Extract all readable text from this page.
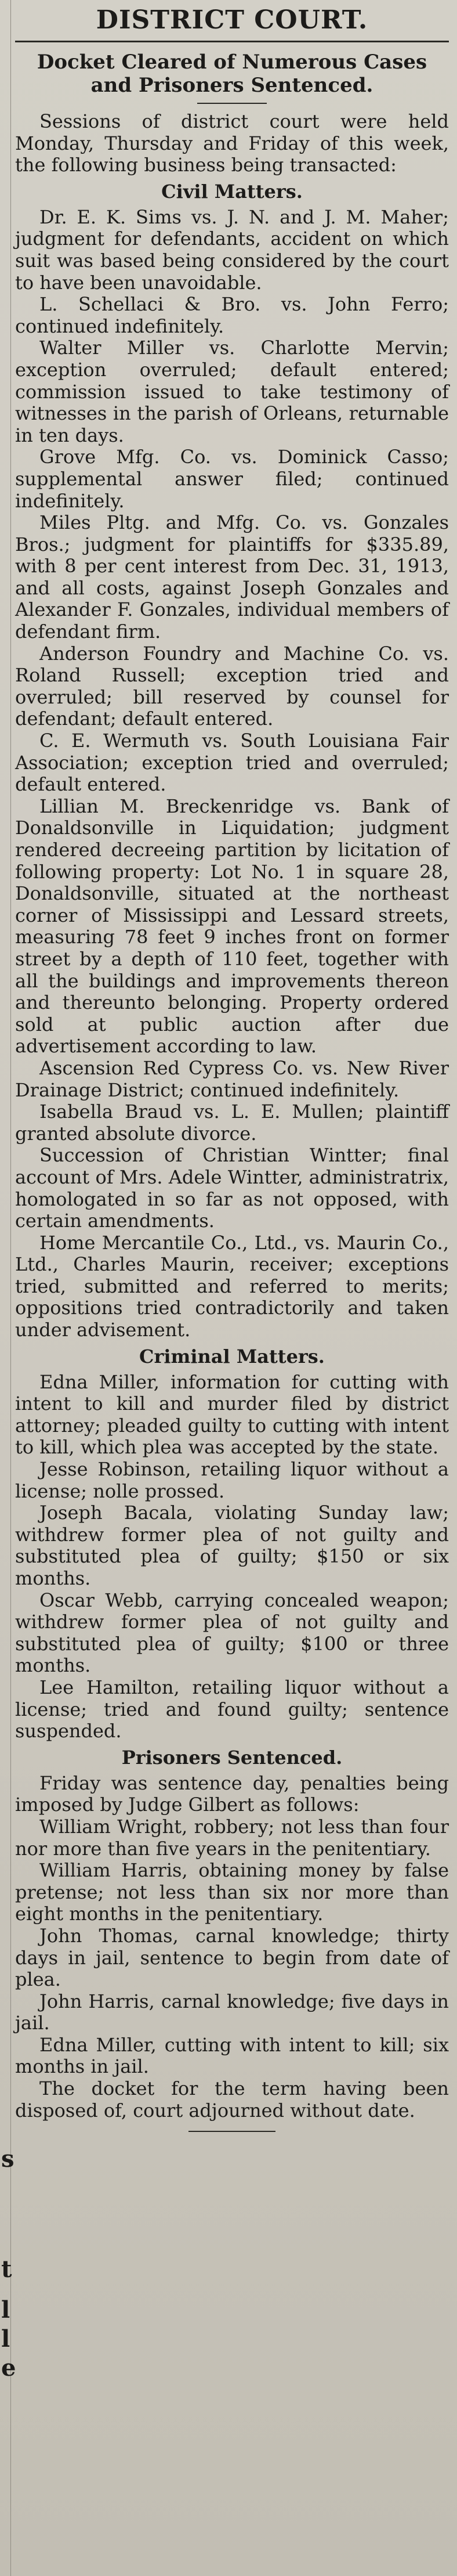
s
t
l
l
e
DISTRICT COURT.
Docket Cleared of Numerous Cases and Prisoners Sentenced.

Sessions of district court were held Monday, Thursday and Friday of this week, the following business being transacted:

Civil Matters.

Dr. E. K. Sims vs. J. N. and J. M. Maher; judgment for defendants, accident on which suit was based being considered by the court to have been unavoidable.

L. Schellaci & Bro. vs. John Ferro; continued indefinitely.

Walter Miller vs. Charlotte Mervin; exception overruled; default entered; commission issued to take testimony of witnesses in the parish of Orleans, returnable in ten days.

Grove Mfg. Co. vs. Dominick Casso; supplemental answer filed; continued indefinitely.

Miles Pltg. and Mfg. Co. vs. Gonzales Bros.; judgment for plaintiffs for $335.89, with 8 per cent interest from Dec. 31, 1913, and all costs, against Joseph Gonzales and Alexander F. Gonzales, individual members of defendant firm.

Anderson Foundry and Machine Co. vs. Roland Russell; exception tried and overruled; bill reserved by counsel for defendant; default entered.

C. E. Wermuth vs. South Louisiana Fair Association; exception tried and overruled; default entered.

Lillian M. Breckenridge vs. Bank of Donaldsonville in Liquidation; judgment rendered decreeing partition by licitation of following property: Lot No. 1 in square 28, Donaldsonville, situated at the northeast corner of Mississippi and Lessard streets, measuring 78 feet 9 inches front on former street by a depth of 110 feet, together with all the buildings and improvements thereon and thereunto belonging. Property ordered sold at public auction after due advertisement according to law.

Ascension Red Cypress Co. vs. New River Drainage District; continued indefinitely.

Isabella Braud vs. L. E. Mullen; plaintiff granted absolute divorce.

Succession of Christian Wintter; final account of Mrs. Adele Wintter, administratrix, homologated in so far as not opposed, with certain amendments.

Home Mercantile Co., Ltd., vs. Maurin Co., Ltd., Charles Maurin, receiver; exceptions tried, submitted and referred to merits; oppositions tried contradictorily and taken under advisement.

Criminal Matters.

Edna Miller, information for cutting with intent to kill and murder filed by district attorney; pleaded guilty to cutting with intent to kill, which plea was accepted by the state.

Jesse Robinson, retailing liquor without a license; nolle prossed.

Joseph Bacala, violating Sunday law; withdrew former plea of not guilty and substituted plea of guilty; $150 or six months.

Oscar Webb, carrying concealed weapon; withdrew former plea of not guilty and substituted plea of guilty; $100 or three months.

Lee Hamilton, retailing liquor without a license; tried and found guilty; sentence suspended.

Prisoners Sentenced.

Friday was sentence day, penalties being imposed by Judge Gilbert as follows:

William Wright, robbery; not less than four nor more than five years in the penitentiary.

William Harris, obtaining money by false pretense; not less than six nor more than eight months in the penitentiary.

John Thomas, carnal knowledge; thirty days in jail, sentence to begin from date of plea.

John Harris, carnal knowledge; five days in jail.

Edna Miller, cutting with intent to kill; six months in jail.

The docket for the term having been disposed of, court adjourned without date.
